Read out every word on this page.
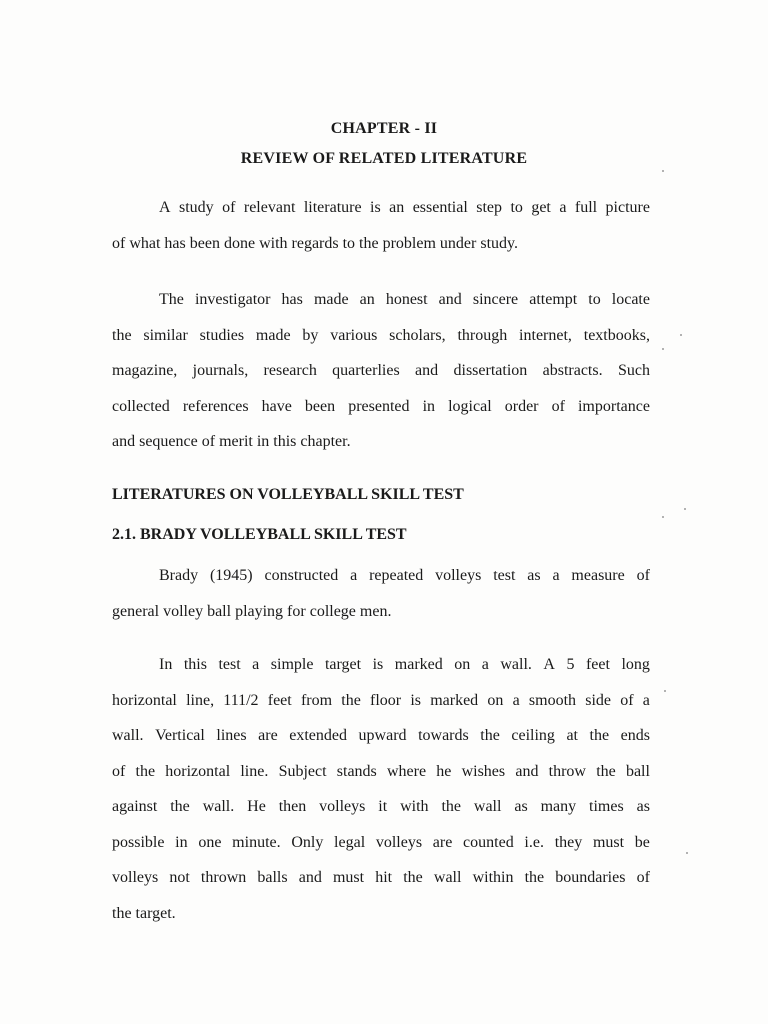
CHAPTER - II
REVIEW OF RELATED LITERATURE
A study of relevant literature is an essential step to get a full picture
of what has been done with regards to the problem under study.
The investigator has made an honest and sincere attempt to locate
the similar studies made by various scholars, through internet, textbooks,
magazine, journals, research quarterlies and dissertation abstracts. Such
collected references have been presented in logical order of importance
and sequence of merit in this chapter.
LITERATURES ON VOLLEYBALL SKILL TEST
2.1. BRADY VOLLEYBALL SKILL TEST
Brady (1945) constructed a repeated volleys test as a measure of
general volley ball playing for college men.
In this test a simple target is marked on a wall. A 5 feet long
horizontal line, 111/2 feet from the floor is marked on a smooth side of a
wall. Vertical lines are extended upward towards the ceiling at the ends
of the horizontal line. Subject stands where he wishes and throw the ball
against the wall. He then volleys it with the wall as many times as
possible in one minute. Only legal volleys are counted i.e. they must be
volleys not thrown balls and must hit the wall within the boundaries of
the target.
